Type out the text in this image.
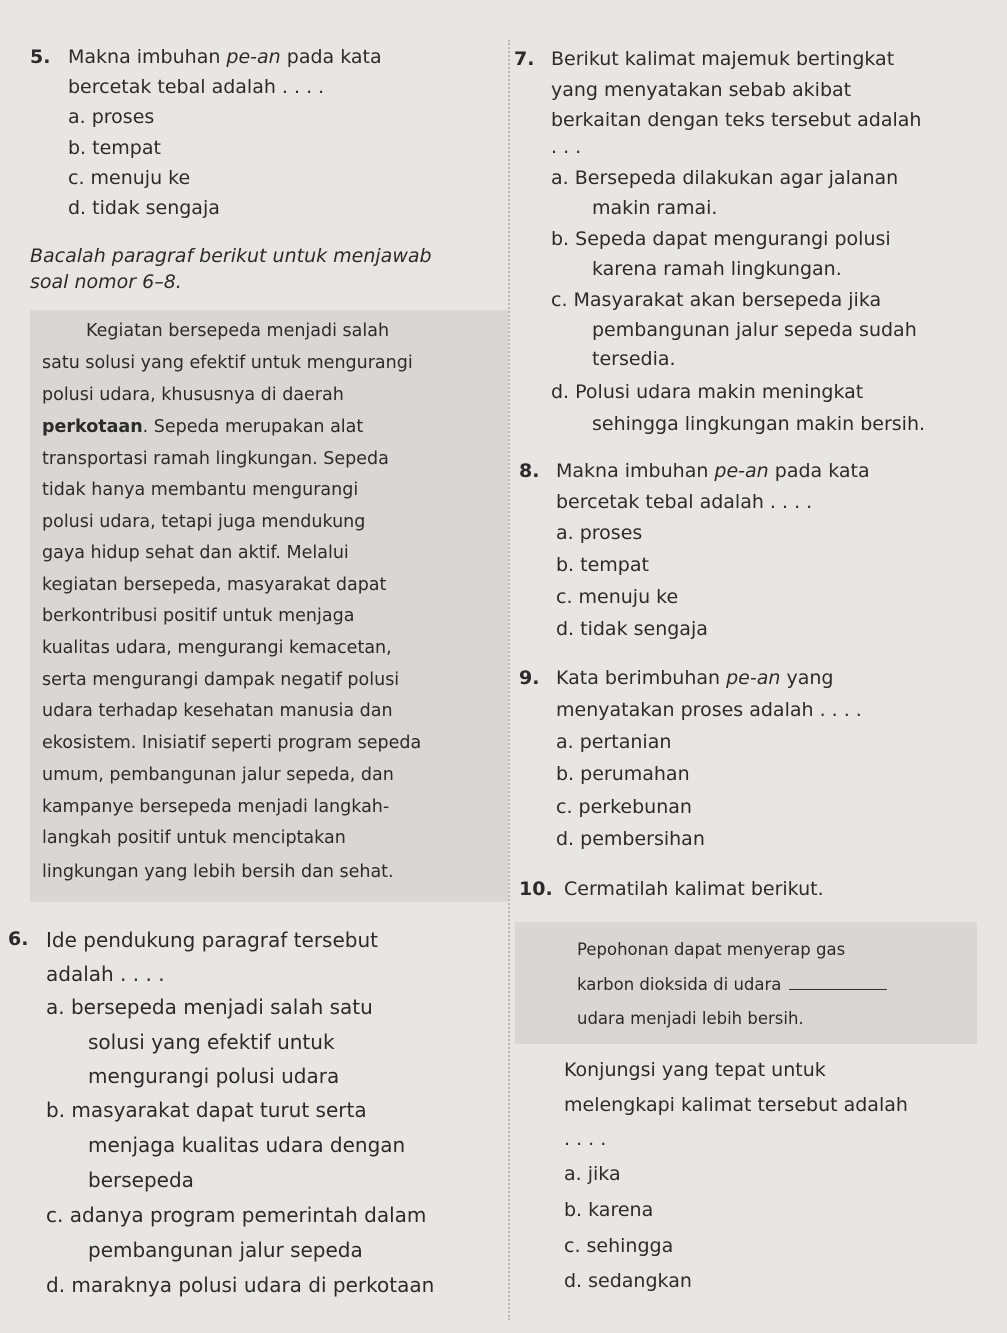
5. Makna imbuhan pe-an pada kata
bercetak tebal adalah . . . .
a. proses
b. tempat
c. menuju ke
d. tidak sengaja
Bacalah paragraf berikut untuk menjawab
soal nomor 6–8.
Kegiatan bersepeda menjadi salah
satu solusi yang efektif untuk mengurangi
polusi udara, khususnya di daerah
perkotaan. Sepeda merupakan alat
transportasi ramah lingkungan. Sepeda
tidak hanya membantu mengurangi
polusi udara, tetapi juga mendukung
gaya hidup sehat dan aktif. Melalui
kegiatan bersepeda, masyarakat dapat
berkontribusi positif untuk menjaga
kualitas udara, mengurangi kemacetan,
serta mengurangi dampak negatif polusi
udara terhadap kesehatan manusia dan
ekosistem. Inisiatif seperti program sepeda
umum, pembangunan jalur sepeda, dan
kampanye bersepeda menjadi langkah-
langkah positif untuk menciptakan
lingkungan yang lebih bersih dan sehat.
6. Ide pendukung paragraf tersebut
adalah . . . .
a. bersepeda menjadi salah satu
solusi yang efektif untuk
mengurangi polusi udara
b. masyarakat dapat turut serta
menjaga kualitas udara dengan
bersepeda
c. adanya program pemerintah dalam
pembangunan jalur sepeda
d. maraknya polusi udara di perkotaan
7. Berikut kalimat majemuk bertingkat
yang menyatakan sebab akibat
berkaitan dengan teks tersebut adalah
. . .
a. Bersepeda dilakukan agar jalanan
makin ramai.
b. Sepeda dapat mengurangi polusi
karena ramah lingkungan.
c. Masyarakat akan bersepeda jika
pembangunan jalur sepeda sudah
tersedia.
d. Polusi udara makin meningkat
sehingga lingkungan makin bersih.
8. Makna imbuhan pe-an pada kata
bercetak tebal adalah . . . .
a. proses
b. tempat
c. menuju ke
d. tidak sengaja
9. Kata berimbuhan pe-an yang
menyatakan proses adalah . . . .
a. pertanian
b. perumahan
c. perkebunan
d. pembersihan
10. Cermatilah kalimat berikut.
Pepohonan dapat menyerap gas
karbon dioksida di udara
udara menjadi lebih bersih.
Konjungsi yang tepat untuk
melengkapi kalimat tersebut adalah
. . . .
a. jika
b. karena
c. sehingga
d. sedangkan
